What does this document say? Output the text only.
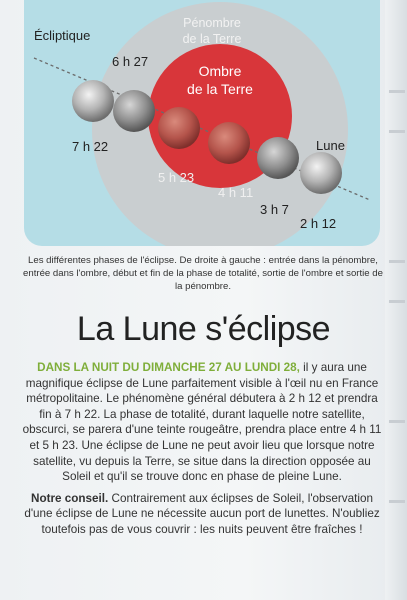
Écliptique
Pénombre
de la Terre
Ombre
de la Terre
Lune
6 h 27
7 h 22
5 h 23
4 h 11
3 h 7
2 h 12
Les différentes phases de l'éclipse. De droite à gauche : entrée dans la pénombre, entrée dans l'ombre, début et fin de la phase de totalité, sortie de l'ombre et sortie de la pénombre.
La Lune s'éclipse

DANS LA NUIT DU DIMANCHE 27 AU LUNDI 28, il y aura une magnifique éclipse de Lune parfaitement visible à l'œil nu en France métropolitaine. Le phénomène général débutera à 2 h 12 et prendra fin à 7 h 22. La phase de totalité, durant laquelle notre satellite, obscurci, se parera d'une teinte rougeâtre, prendra place entre 4 h 11 et 5 h 23. Une éclipse de Lune ne peut avoir lieu que lorsque notre satellite, vu depuis la Terre, se situe dans la direction opposée au Soleil et qu'il se trouve donc en phase de pleine Lune.

Notre conseil. Contrairement aux éclipses de Soleil, l'observation d'une éclipse de Lune ne nécessite aucun port de lunettes. N'oubliez toutefois pas de vous couvrir : les nuits peuvent être fraîches !
